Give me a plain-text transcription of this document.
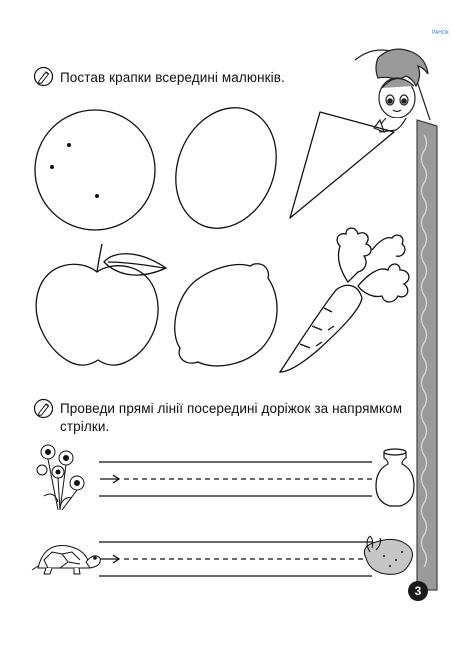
РАНОК
Постав крапки всередині малюнків.
Проведи прямі лінії посередині доріжок за напрямком
стрілки.
3
